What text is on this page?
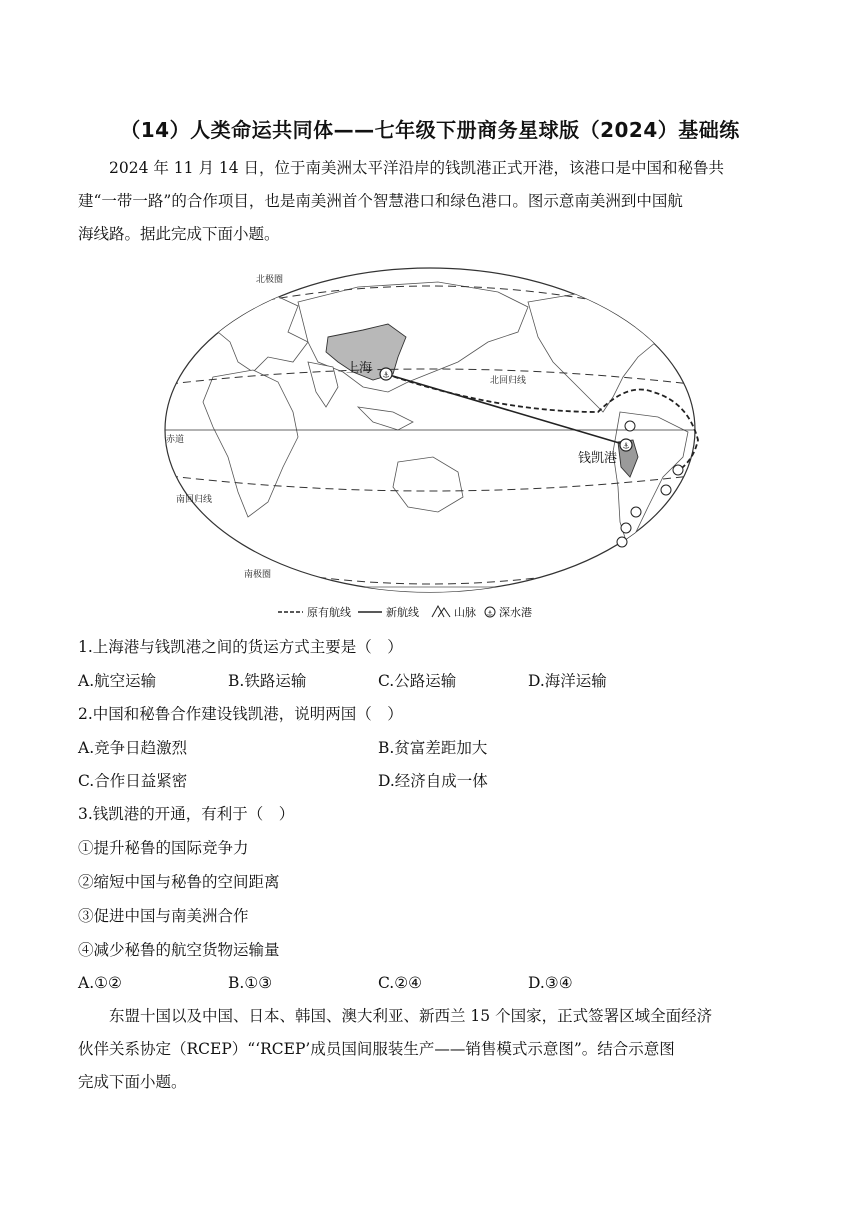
（14）人类命运共同体——七年级下册商务星球版（2024）基础练
2024 年 11 月 14 日，位于南美洲太平洋沿岸的钱凯港正式开港，该港口是中国和秘鲁共
建“一带一路”的合作项目，也是南美洲首个智慧港口和绿色港口。图示意南美洲到中国航
海线路。据此完成下面小题。
北极圈
北回归线
赤道
南回归线
南极圈
⚓
⚓
上海
钱凯港
原有航线	新航线	山脉 ⚓ 深水港
1.上海港与钱凯港之间的货运方式主要是（　）
A.航空运输	B.铁路运输	C.公路运输	D.海洋运输
2.中国和秘鲁合作建设钱凯港，说明两国（　）
A.竞争日趋激烈	B.贫富差距加大
C.合作日益紧密	D.经济自成一体
3.钱凯港的开通，有利于（　）
①提升秘鲁的国际竞争力
②缩短中国与秘鲁的空间距离
③促进中国与南美洲合作
④减少秘鲁的航空货物运输量
A.①②	B.①③	C.②④	D.③④
东盟十国以及中国、日本、韩国、澳大利亚、新西兰 15 个国家，正式签署区域全面经济
伙伴关系协定（RCEP）“‘RCEP’成员国间服装生产——销售模式示意图”。结合示意图
完成下面小题。
